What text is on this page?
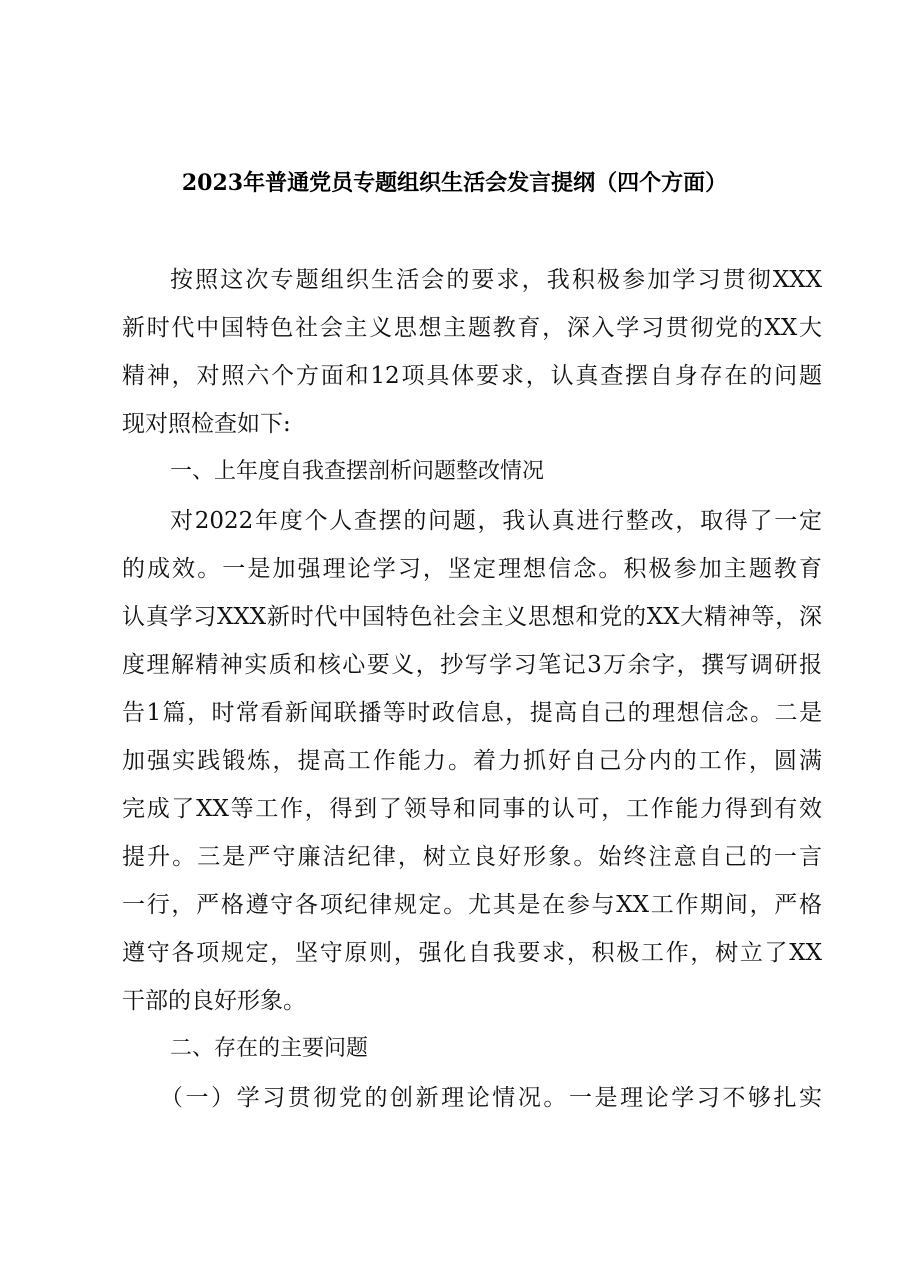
2023年普通党员专题组织生活会发言提纲（四个方面）
按照这次专题组织生活会的要求，我积极参加学习贯彻XXX
新时代中国特色社会主义思想主题教育，深入学习贯彻党的XX大
精神，对照六个方面和12项具体要求，认真查摆自身存在的问题
现对照检查如下:
一、上年度自我查摆剖析问题整改情况
对2022年度个人查摆的问题，我认真进行整改，取得了一定
的成效。一是加强理论学习，坚定理想信念。积极参加主题教育
认真学习XXX新时代中国特色社会主义思想和党的XX大精神等，深
度理解精神实质和核心要义，抄写学习笔记3万余字，撰写调研报
告1篇，时常看新闻联播等时政信息，提高自己的理想信念。二是
加强实践锻炼，提高工作能力。着力抓好自己分内的工作，圆满
完成了XX等工作，得到了领导和同事的认可，工作能力得到有效
提升。三是严守廉洁纪律，树立良好形象。始终注意自己的一言
一行，严格遵守各项纪律规定。尤其是在参与XX工作期间，严格
遵守各项规定，坚守原则，强化自我要求，积极工作，树立了XX
干部的良好形象。
二、存在的主要问题
（一）学习贯彻党的创新理论情况。一是理论学习不够扎实
